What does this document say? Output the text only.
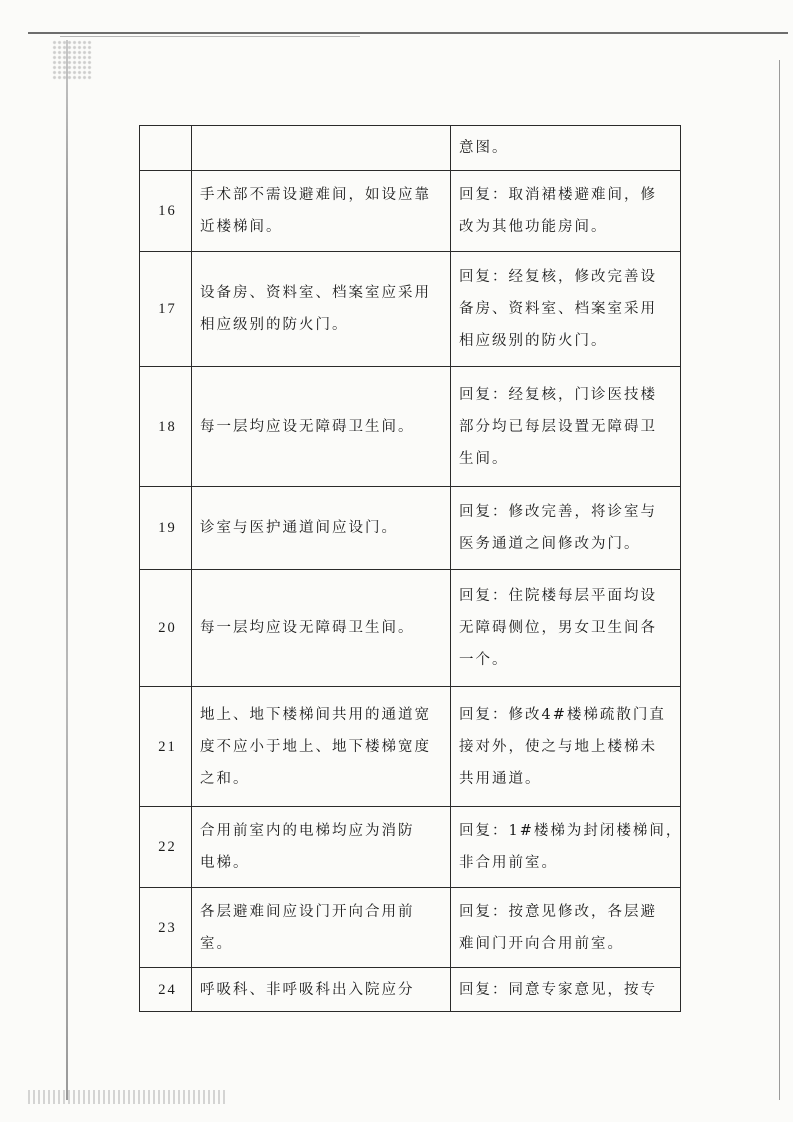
		意图。

16	手术部不需设避难间，如设应靠
近楼梯间。	回复：取消裙楼避难间，修
改为其他功能房间。

17	设备房、资料室、档案室应采用
相应级别的防火门。	回复：经复核，修改完善设
备房、资料室、档案室采用
相应级别的防火门。

18	每一层均应设无障碍卫生间。	回复：经复核，门诊医技楼
部分均已每层设置无障碍卫
生间。

19	诊室与医护通道间应设门。	回复：修改完善，将诊室与
医务通道之间修改为门。

20	每一层均应设无障碍卫生间。	回复：住院楼每层平面均设
无障碍侧位，男女卫生间各
一个。

21	地上、地下楼梯间共用的通道宽
度不应小于地上、地下楼梯宽度
之和。	回复：修改4#楼梯疏散门直
接对外，使之与地上楼梯未
共用通道。

22	合用前室内的电梯均应为消防
电梯。	回复：1#楼梯为封闭楼梯间，
非合用前室。

23	各层避难间应设门开向合用前
室。	回复：按意见修改，各层避
难间门开向合用前室。

24	呼吸科、非呼吸科出入院应分	回复：同意专家意见，按专
